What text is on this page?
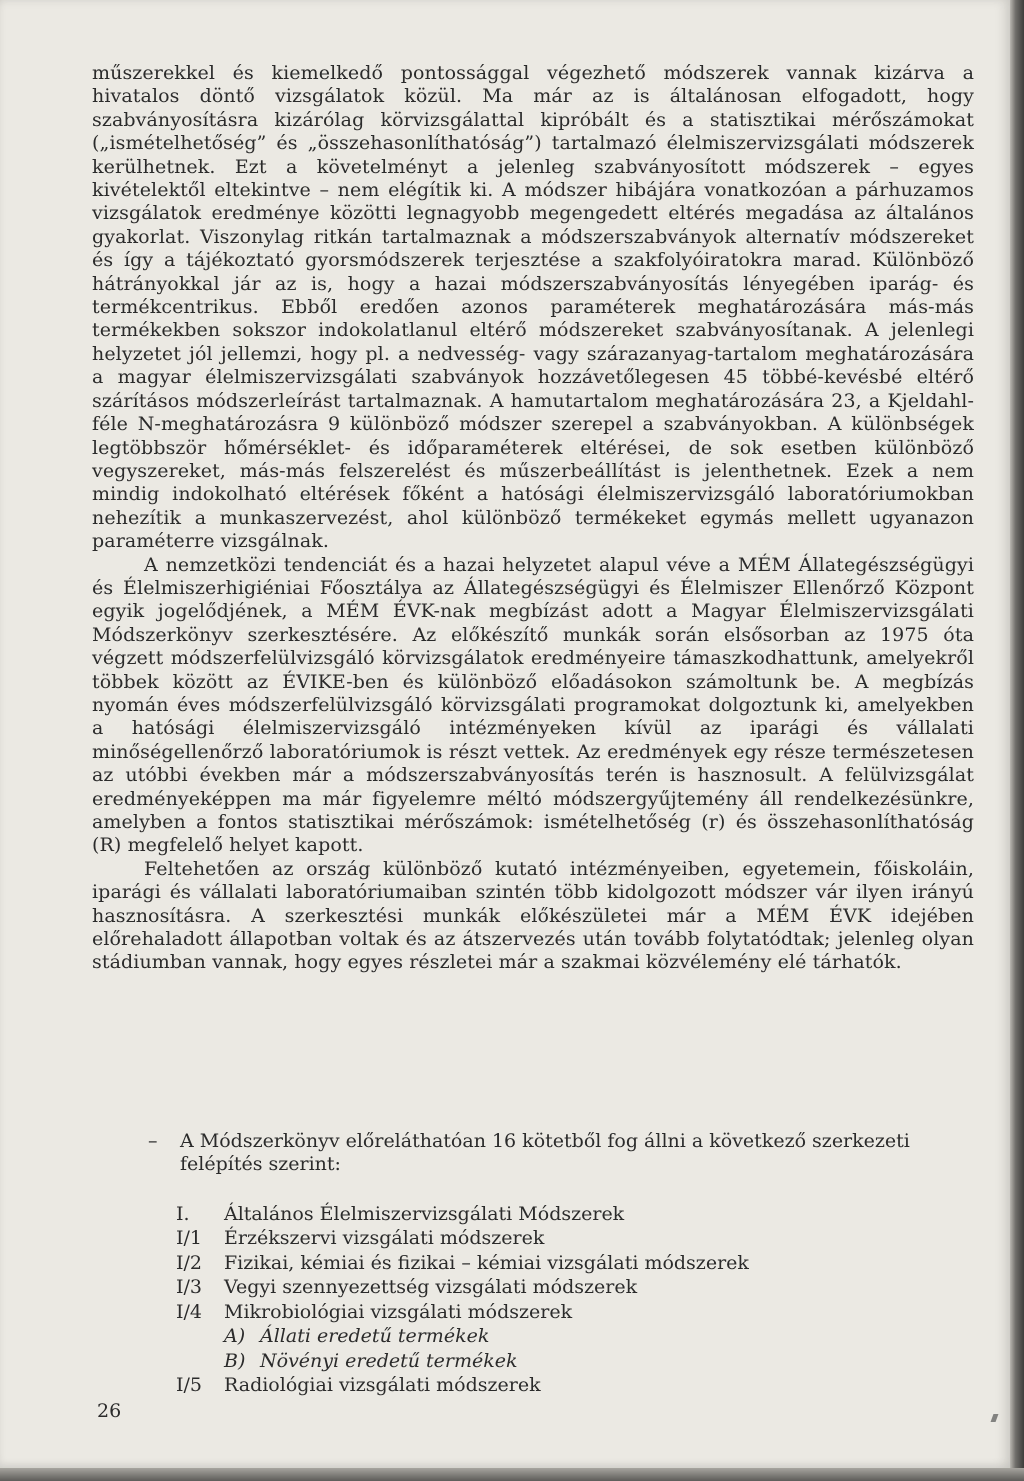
műszerekkel és kiemelkedő pontossággal végezhető módszerek vannak kizárva a hivatalos döntő vizsgálatok közül. Ma már az is általánosan elfogadott, hogy szabványosításra kizárólag körvizsgálattal kipróbált és a statisztikai mérőszámokat („ismételhetőség” és „összehasonlíthatóság”) tartalmazó élelmiszervizsgálati módszerek kerülhetnek. Ezt a követelményt a jelenleg szabványosított módszerek – egyes kivételektől eltekintve – nem elégítik ki. A módszer hibájára vonatkozóan a párhuzamos vizsgálatok eredménye közötti legnagyobb megengedett eltérés megadása az általános gyakorlat. Viszonylag ritkán tartalmaznak a módszerszabványok alternatív módszereket és így a tájékoztató gyorsmódszerek terjesztése a szakfolyóiratokra marad. Különböző hátrányokkal jár az is, hogy a hazai módszerszabványosítás lényegében iparág- és termékcentrikus. Ebből eredően azonos paraméterek meghatározására más-más termékekben sokszor indokolatlanul eltérő módszereket szabványosítanak. A jelenlegi helyzetet jól jellemzi, hogy pl. a nedvesség- vagy szárazanyag-tartalom meghatározására a magyar élelmiszervizsgálati szabványok hozzávetőlegesen 45 többé-kevésbé eltérő szárításos módszerleírást tartalmaznak. A hamutartalom meghatározására 23, a Kjeldahl-féle N-meghatározásra 9 különböző módszer szerepel a szabványokban. A különbségek legtöbbször hőmérséklet- és időparaméterek eltérései, de sok esetben különböző vegyszereket, más-más felszerelést és műszerbeállítást is jelenthetnek. Ezek a nem mindig indokolható eltérések főként a hatósági élelmiszervizsgáló laboratóriumokban nehezítik a munkaszervezést, ahol különböző termékeket egymás mellett ugyanazon paraméterre vizsgálnak.

A nemzetközi tendenciát és a hazai helyzetet alapul véve a MÉM Állategészségügyi és Élelmiszerhigiéniai Főosztálya az Állategészségügyi és Élelmiszer Ellenőrző Központ egyik jogelődjének, a MÉM ÉVK-nak megbízást adott a Magyar Élelmiszervizsgálati Módszerkönyv szerkesztésére. Az előkészítő munkák során elsősorban az 1975 óta végzett módszerfelülvizsgáló körvizsgálatok eredményeire támaszkodhattunk, amelyekről többek között az ÉVIKE-ben és különböző előadásokon számoltunk be. A megbízás nyomán éves módszerfelülvizsgáló körvizsgálati programokat dolgoztunk ki, amelyekben a hatósági élelmiszervizsgáló intézményeken kívül az iparági és vállalati minőségellenőrző laboratóriumok is részt vettek. Az eredmények egy része természetesen az utóbbi években már a módszerszabványosítás terén is hasznosult. A felülvizsgálat eredményeképpen ma már figyelemre méltó módszergyűjtemény áll rendelkezésünkre, amelyben a fontos statisztikai mérőszámok: ismételhetőség (r) és összehasonlíthatóság (R) megfelelő helyet kapott.

Feltehetően az ország különböző kutató intézményeiben, egyetemein, főiskoláin, iparági és vállalati laboratóriumaiban szintén több kidolgozott módszer vár ilyen irányú hasznosításra. A szerkesztési munkák előkészületei már a MÉM ÉVK idejében előrehaladott állapotban voltak és az átszervezés után tovább folytatódtak; jelenleg olyan stádiumban vannak, hogy egyes részletei már a szakmai közvélemény elé tárhatók.

– A Módszerkönyv előreláthatóan 16 kötetből fog állni a következő szerkezeti felépítés szerint:

I.	Általános Élelmiszervizsgálati Módszerek
I/1	Érzékszervi vizsgálati módszerek
I/2	Fizikai, kémiai és fizikai – kémiai vizsgálati módszerek
I/3	Vegyi szennyezettség vizsgálati módszerek
I/4	Mikrobiológiai vizsgálati módszerek
A) Állati eredetű termékek
B) Növényi eredetű termékek
I/5	Radiológiai vizsgálati módszerek
26
